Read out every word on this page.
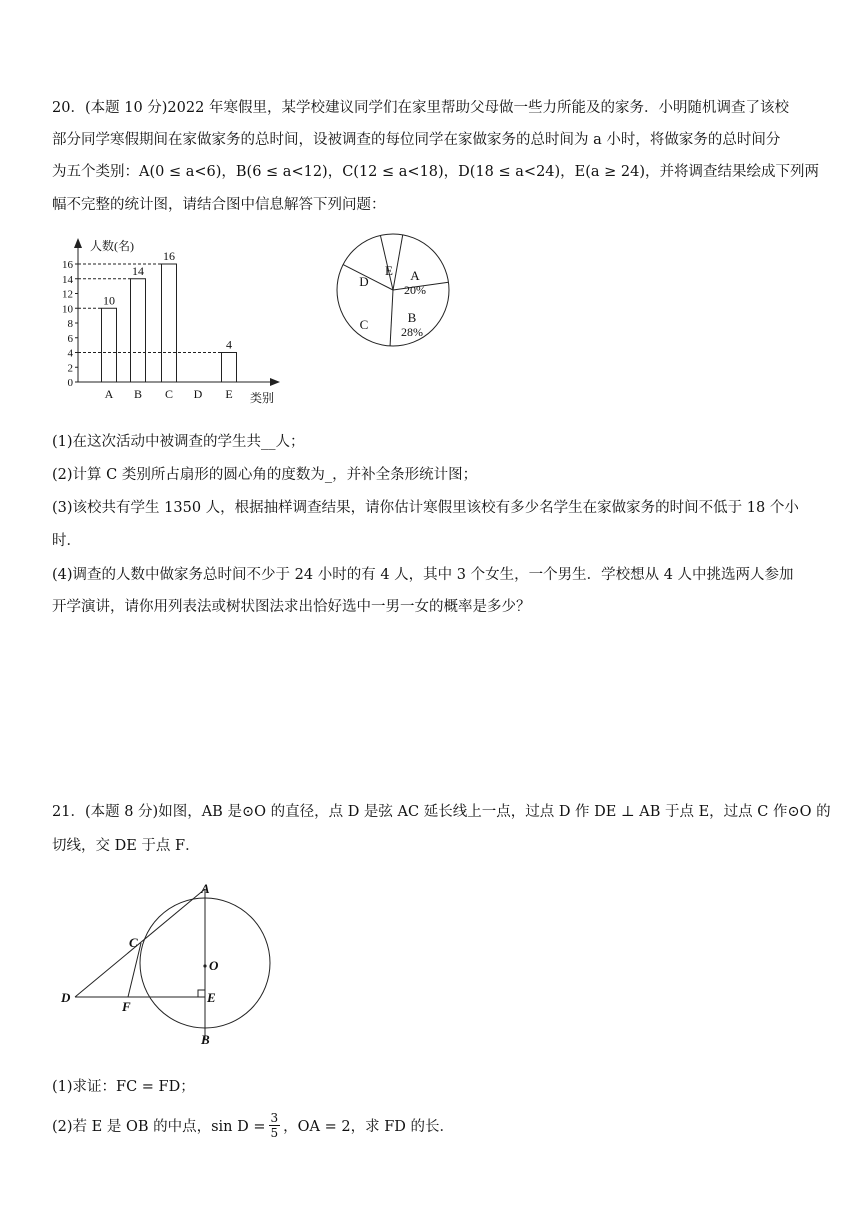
20．(本题 10 分)2022 年寒假里，某学校建议同学们在家里帮助父母做一些力所能及的家务．小明随机调查了该校
部分同学寒假期间在家做家务的总时间，设被调查的每位同学在家做家务的总时间为 a 小时，将做家务的总时间分
为五个类别：A(0 ≤ a<6)，B(6 ≤ a<12)，C(12 ≤ a<18)，D(18 ≤ a<24)，E(a ≥ 24)，并将调查结果绘成下列两
幅不完整的统计图，请结合图中信息解答下列问题：
人数(名)
类别
0
2
4
6
8
10
12
14
16
10
A
14
B
16
C D
4
E
A
20%
B
28%
C
D
E
(1)在这次活动中被调查的学生共__人；
(2)计算 C 类别所占扇形的圆心角的度数为_，并补全条形统计图；
(3)该校共有学生 1350 人，根据抽样调查结果，请你估计寒假里该校有多少名学生在家做家务的时间不低于 18 个小
时．
(4)调查的人数中做家务总时间不少于 24 小时的有 4 人，其中 3 个女生，一个男生．学校想从 4 人中挑选两人参加
开学演讲，请你用列表法或树状图法求出恰好选中一男一女的概率是多少？
21．(本题 8 分)如图，AB 是⊙O 的直径，点 D 是弦 AC 延长线上一点，过点 D 作 DE ⊥ AB 于点 E，过点 C 作⊙O 的
切线，交 DE 于点 F．
A
B
C
D	E
F
O
(1)求证：FC = FD；
(2)若 E 是 OB 的中点，$\sin D = \frac{3}{5}$ ，OA = 2，求 FD 的长．
